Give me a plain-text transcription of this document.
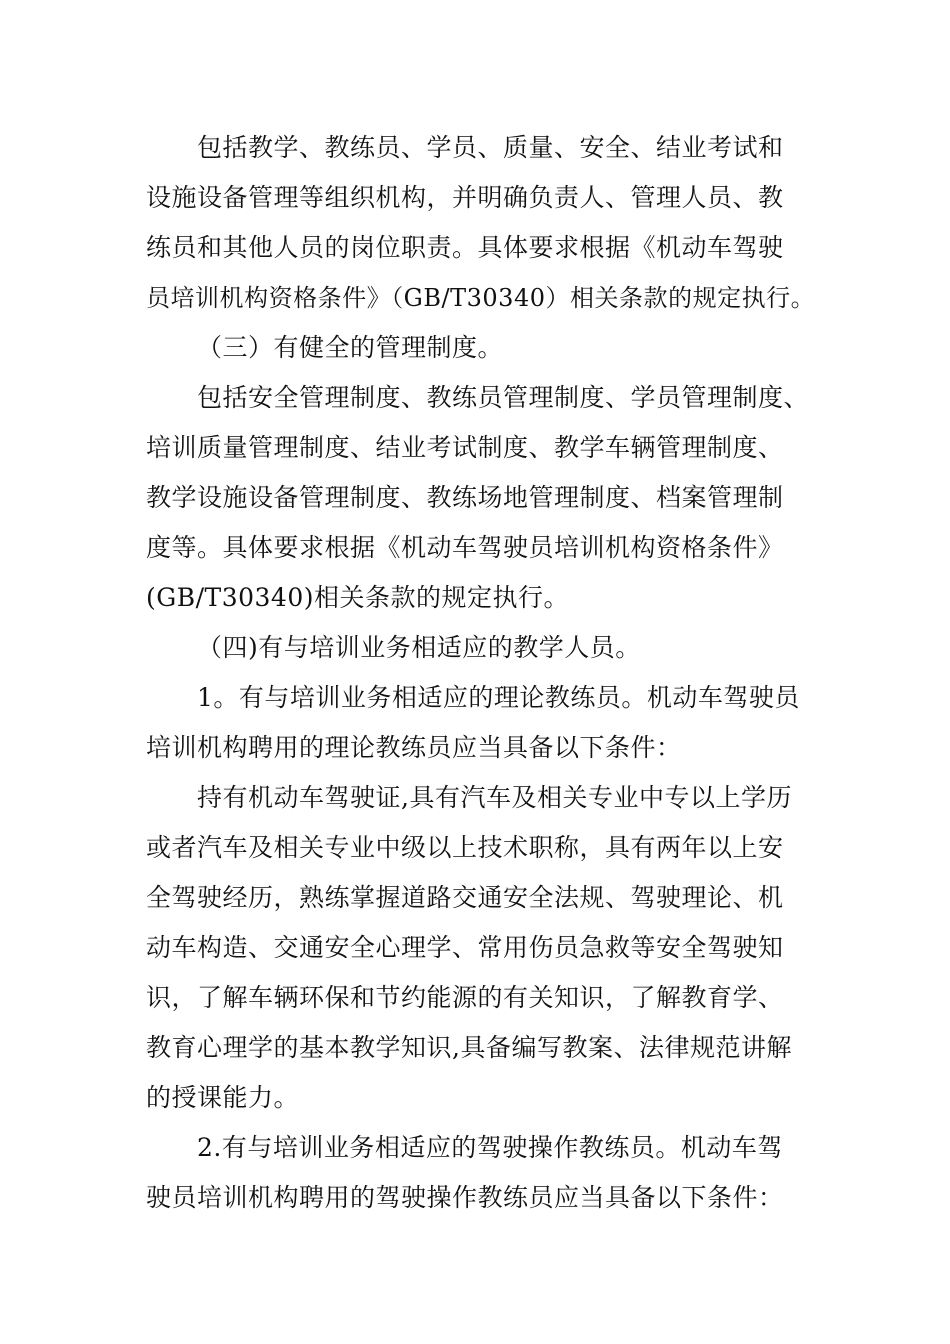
包括教学、教练员、学员、质量、安全、结业考试和

设施设备管理等组织机构，并明确负责人、管理人员、教

练员和其他人员的岗位职责。具体要求根据《机动车驾驶

员培训机构资格条件》（GB/T30340）相关条款的规定执行。

（三）有健全的管理制度。

包括安全管理制度、教练员管理制度、学员管理制度、

培训质量管理制度、结业考试制度、教学车辆管理制度、

教学设施设备管理制度、教练场地管理制度、档案管理制

度等。具体要求根据《机动车驾驶员培训机构资格条件》

(GB/T30340)相关条款的规定执行。

（四)有与培训业务相适应的教学人员。

1。有与培训业务相适应的理论教练员。机动车驾驶员

培训机构聘用的理论教练员应当具备以下条件：

持有机动车驾驶证,具有汽车及相关专业中专以上学历

或者汽车及相关专业中级以上技术职称，具有两年以上安

全驾驶经历，熟练掌握道路交通安全法规、驾驶理论、机

动车构造、交通安全心理学、常用伤员急救等安全驾驶知

识，了解车辆环保和节约能源的有关知识，了解教育学、

教育心理学的基本教学知识,具备编写教案、法律规范讲解

的授课能力。

2.有与培训业务相适应的驾驶操作教练员。机动车驾

驶员培训机构聘用的驾驶操作教练员应当具备以下条件：
